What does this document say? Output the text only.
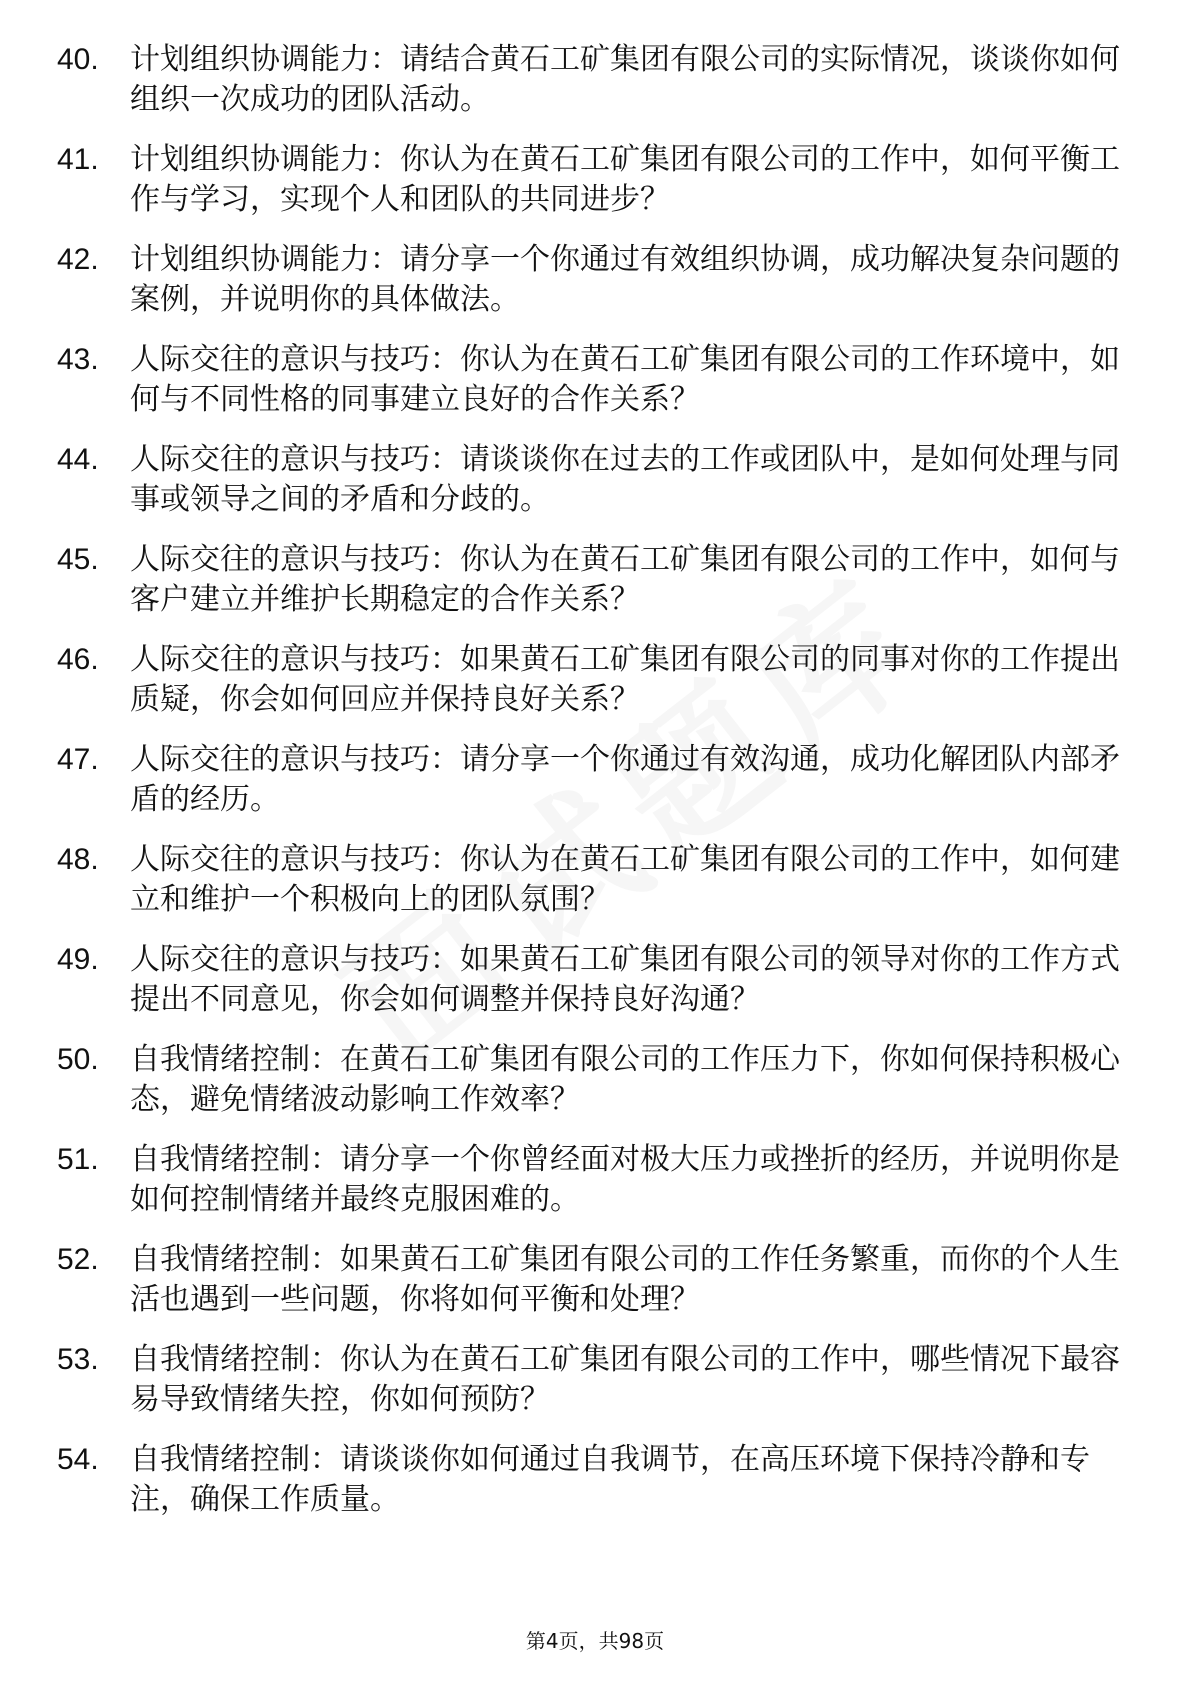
40.	计划组织协调能力：请结合黄石工矿集团有限公司的实际情况，谈谈你如何组织一次成功的团队活动。
41.	计划组织协调能力：你认为在黄石工矿集团有限公司的工作中，如何平衡工作与学习，实现个人和团队的共同进步？
42.	计划组织协调能力：请分享一个你通过有效组织协调，成功解决复杂问题的案例，并说明你的具体做法。
43.	人际交往的意识与技巧：你认为在黄石工矿集团有限公司的工作环境中，如何与不同性格的同事建立良好的合作关系？
44.	人际交往的意识与技巧：请谈谈你在过去的工作或团队中，是如何处理与同事或领导之间的矛盾和分歧的。
45.	人际交往的意识与技巧：你认为在黄石工矿集团有限公司的工作中，如何与客户建立并维护长期稳定的合作关系？
46.	人际交往的意识与技巧：如果黄石工矿集团有限公司的同事对你的工作提出质疑，你会如何回应并保持良好关系？
47.	人际交往的意识与技巧：请分享一个你通过有效沟通，成功化解团队内部矛盾的经历。
48.	人际交往的意识与技巧：你认为在黄石工矿集团有限公司的工作中，如何建立和维护一个积极向上的团队氛围？
49.	人际交往的意识与技巧：如果黄石工矿集团有限公司的领导对你的工作方式提出不同意见，你会如何调整并保持良好沟通？
50.	自我情绪控制：在黄石工矿集团有限公司的工作压力下，你如何保持积极心态，避免情绪波动影响工作效率？
51.	自我情绪控制：请分享一个你曾经面对极大压力或挫折的经历，并说明你是如何控制情绪并最终克服困难的。
52.	自我情绪控制：如果黄石工矿集团有限公司的工作任务繁重，而你的个人生活也遇到一些问题，你将如何平衡和处理？
53.	自我情绪控制：你认为在黄石工矿集团有限公司的工作中，哪些情况下最容易导致情绪失控，你如何预防？
54.	自我情绪控制：请谈谈你如何通过自我调节，在高压环境下保持冷静和专注，确保工作质量。
第4页，共98页
